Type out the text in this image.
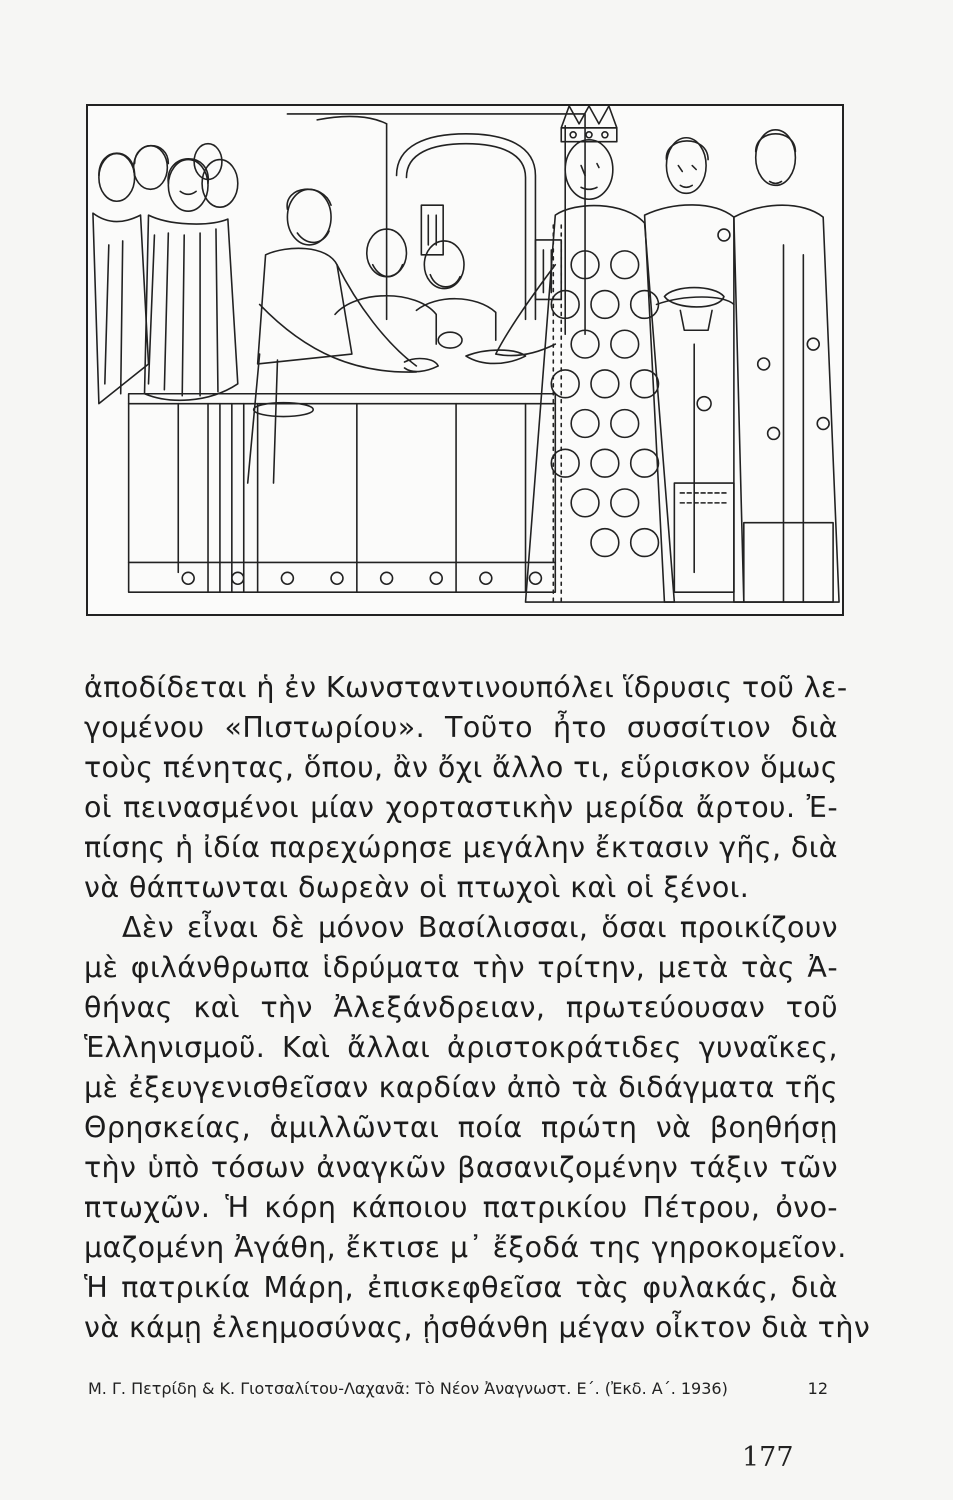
ἀποδίδεται ἡ ἐν Κωνσταντινουπόλει ἵδρυσις τοῦ λε-
γομένου «Πιστωρίου». Τοῦτο ἦτο συσσίτιον διὰ
τοὺς πένητας, ὅπου, ἂν ὄχι ἄλλο τι, εὕρισκον ὅμως
οἱ πεινασμένοι μίαν χορταστικὴν μερίδα ἄρτου. Ἐ-
πίσης ἡ ἰδία παρεχώρησε μεγάλην ἔκτασιν γῆς, διὰ
νὰ θάπτωνται δωρεὰν οἱ πτωχοὶ καὶ οἱ ξένοι.
Δὲν εἶναι δὲ μόνον Βασίλισσαι, ὅσαι προικίζουν
μὲ φιλάνθρωπα ἱδρύματα τὴν τρίτην, μετὰ τὰς Ἀ-
θήνας καὶ τὴν Ἀλεξάνδρειαν, πρωτεύουσαν τοῦ
Ἑλληνισμοῦ. Καὶ ἄλλαι ἀριστοκράτιδες γυναῖκες,
μὲ ἐξευγενισθεῖσαν καρδίαν ἀπὸ τὰ διδάγματα τῆς
Θρησκείας, ἁμιλλῶνται ποία πρώτη νὰ βοηθήσῃ
τὴν ὑπὸ τόσων ἀναγκῶν βασανιζομένην τάξιν τῶν
πτωχῶν. Ἡ κόρη κάποιου πατρικίου Πέτρου, ὀνο-
μαζομένη Ἀγάθη, ἔκτισε μ᾿ ἔξοδά της γηροκομεῖον.
Ἡ πατρικία Μάρη, ἐπισκεφθεῖσα τὰς φυλακάς, διὰ
νὰ κάμῃ ἐλεημοσύνας, ᾐσθάνθη μέγαν οἶκτον διὰ τὴν
Μ. Γ. Πετρίδη & Κ. Γιοτσαλίτου-Λαχανᾶ: Τὸ Νέον Ἀναγνωστ. Ε΄. (Ἐκδ. Α΄. 1936)	12
177
